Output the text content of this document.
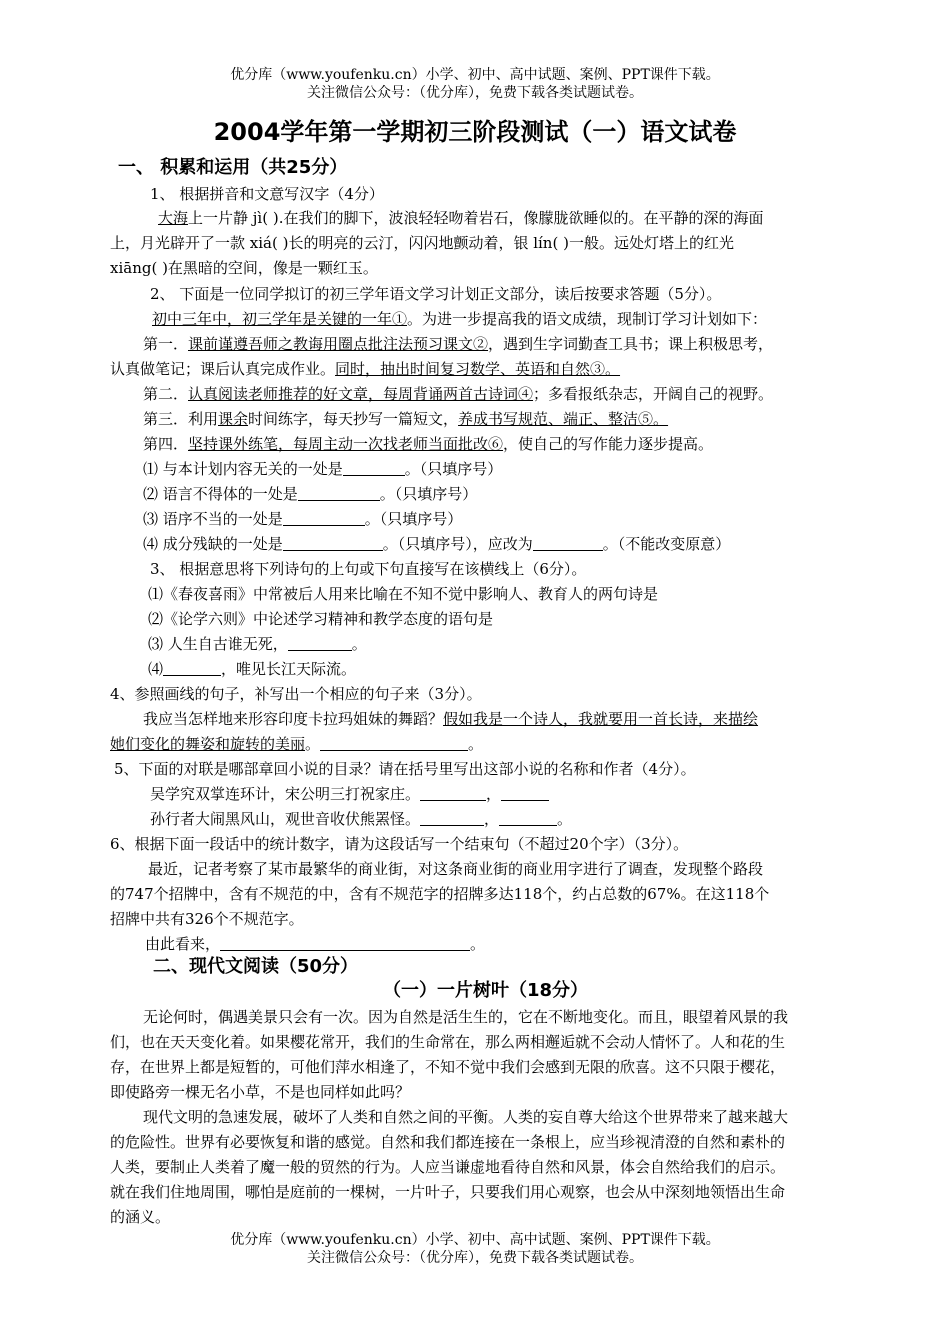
优分库（www.youfenku.cn）小学、初中、高中试题、案例、PPT课件下载。
关注微信公众号：（优分库），免费下载各类试题试卷。
2004学年第一学期初三阶段测试（一）语文试卷
一、 积累和运用（共25分）
1、 根据拼音和文意写汉字（4分）
大海上一片静 jì( ).在我们的脚下，波浪轻轻吻着岩石，像朦胧欲睡似的。在平静的深的海面
上，月光辟开了一款 xiá( )长的明亮的云汀，闪闪地颤动着，银 lín( )一般。远处灯塔上的红光
xiāng( )在黑暗的空间，像是一颗红玉。
2、 下面是一位同学拟订的初三学年语文学习计划正文部分，读后按要求答题（5分）。
初中三年中，初三学年是关键的一年①。为进一步提高我的语文成绩，现制订学习计划如下：
第一．课前谨遵吾师之教诲用圈点批注法预习课文②，遇到生字词勤查工具书；课上积极思考，
认真做笔记；课后认真完成作业。同时，抽出时间复习数学、英语和自然③。
第二．认真阅读老师推荐的好文章，每周背诵两首古诗词④；多看报纸杂志，开阔自己的视野。
第三．利用课余时间练字，每天抄写一篇短文，养成书写规范、端正、整洁⑤。
第四．坚持课外练笔，每周主动一次找老师当面批改⑥，使自己的写作能力逐步提高。
⑴ 与本计划内容无关的一处是	。（只填序号）
⑵ 语言不得体的一处是	。（只填序号）
⑶ 语序不当的一处是	。（只填序号）
⑷ 成分残缺的一处是	。（只填序号），应改为	。（不能改变原意）
3、 根据意思将下列诗句的上句或下句直接写在该横线上（6分）。
⑴《春夜喜雨》中常被后人用来比喻在不知不觉中影响人、教育人的两句诗是
⑵《论学六则》中论述学习精神和教学态度的语句是
⑶ 人生自古谁无死，	。
⑷	，唯见长江天际流。
4、参照画线的句子，补写出一个相应的句子来（3分）。
我应当怎样地来形容印度卡拉玛姐妹的舞蹈？假如我是一个诗人，我就要用一首长诗，来描绘
她们变化的舞姿和旋转的美丽。	。
5、下面的对联是哪部章回小说的目录？请在括号里写出这部小说的名称和作者（4分）。
吴学究双掌连环计，宋公明三打祝家庄。	，
孙行者大闹黑风山，观世音收伏熊罴怪。	，	。
6、根据下面一段话中的统计数字，请为这段话写一个结束句（不超过20个字）（3分）。
最近，记者考察了某市最繁华的商业街，对这条商业街的商业用字进行了调查，发现整个路段
的747个招牌中，含有不规范的中，含有不规范字的招牌多达118个，约占总数的67%。在这118个
招牌中共有326个不规范字。
由此看来，	。
二、现代文阅读（50分）
（一）一片树叶（18分）
无论何时，偶遇美景只会有一次。因为自然是活生生的，它在不断地变化。而且，眼望着风景的我
们，也在天天变化着。如果樱花常开，我们的生命常在，那么两相邂逅就不会动人情怀了。人和花的生
存，在世界上都是短暂的，可他们萍水相逢了，不知不觉中我们会感到无限的欣喜。这不只限于樱花，
即使路旁一棵无名小草，不是也同样如此吗？
现代文明的急速发展，破坏了人类和自然之间的平衡。人类的妄自尊大给这个世界带来了越来越大
的危险性。世界有必要恢复和谐的感觉。自然和我们都连接在一条根上，应当珍视清澄的自然和素朴的
人类，要制止人类着了魔一般的贸然的行为。人应当谦虚地看待自然和风景，体会自然给我们的启示。
就在我们住地周围，哪怕是庭前的一棵树，一片叶子，只要我们用心观察，也会从中深刻地领悟出生命
的涵义。
优分库（www.youfenku.cn）小学、初中、高中试题、案例、PPT课件下载。
关注微信公众号：（优分库），免费下载各类试题试卷。
